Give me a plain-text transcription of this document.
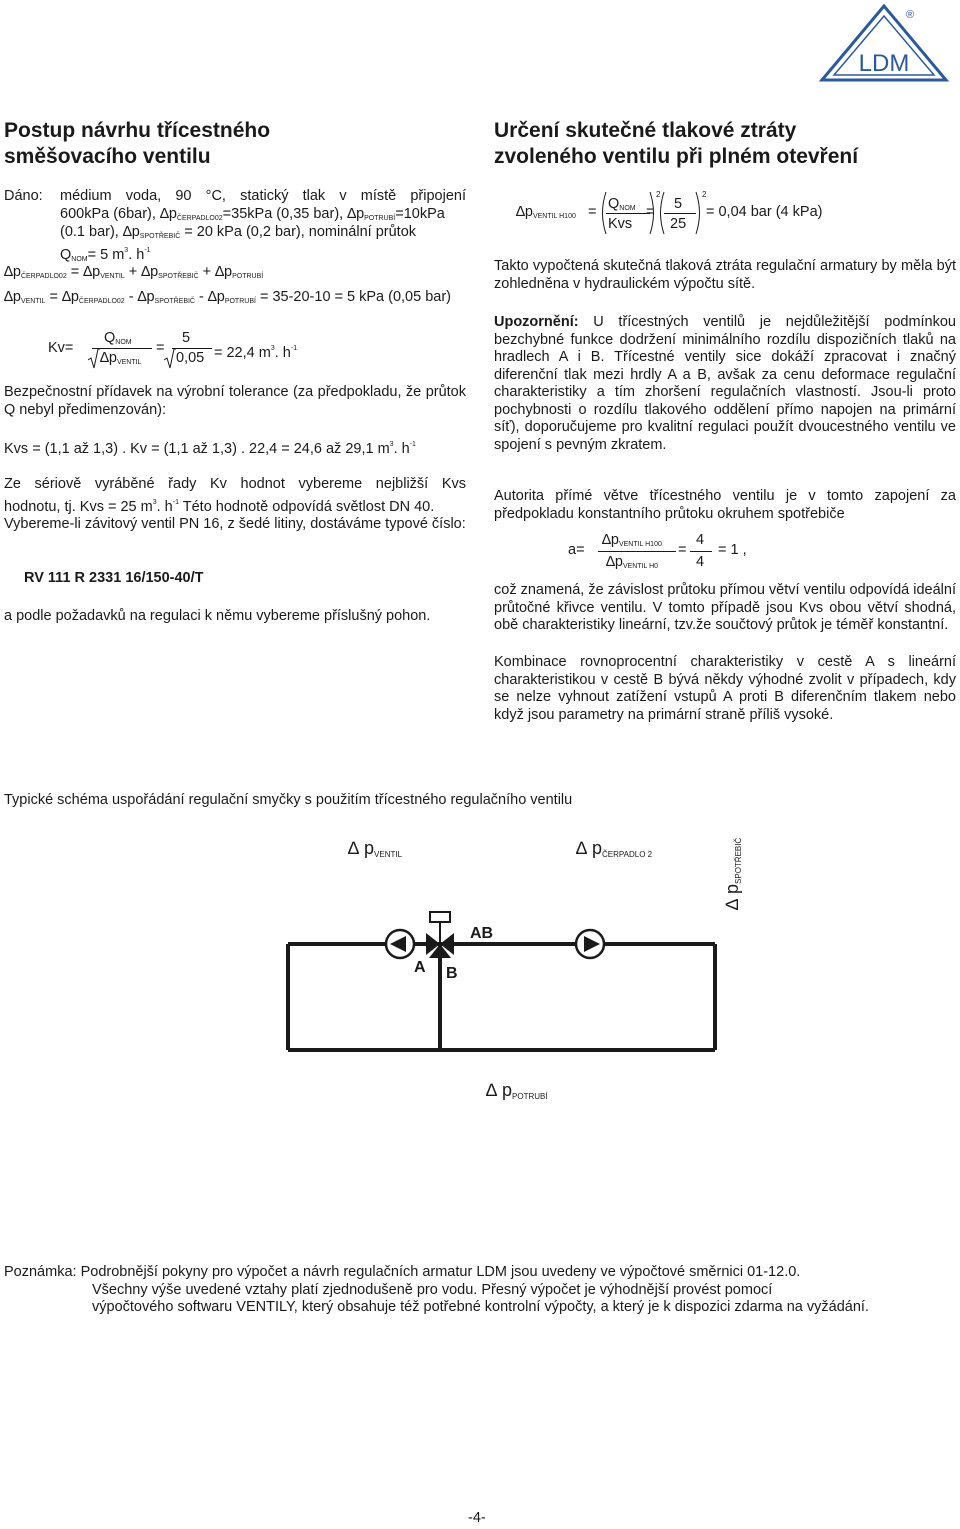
LDM
®
Postup návrhu třícestného
směšovacího ventilu
Dáno: médium voda, 90 °C, statický tlak v místě připojení
600kPa (6bar), $\Delta p_{ČERPADLO02}=35kPa$ (0,35 bar), $\Delta p_{POTRUBÍ}=10kPa$
(0.1 bar), $\Delta p_{SPOTŘEBIČ} = 20$ kPa (0,2 bar), nominální průtok
$Q_{NOM}= 5$ $m^3$. $h^{-1}$
$\Delta p_{ČERPADLO02} = \Delta p_{VENTIL} + \Delta p_{SPOTŘEBIČ} + \Delta p_{POTRUBÍ}$
$\Delta p_{VENTIL} = \Delta p_{ČERPADLO02} - \Delta p_{SPOTŘEBIČ} - \Delta p_{POTRUBÍ} = 35-20-10 = 5$ kPa (0,05 bar)
Kv=
$Q_{NOM}$
$\Delta p_{VENTIL}$
=
5
0,05 = 22,4 $m^3$. $h^{-1}$
Bezpečnostní přídavek na výrobní tolerance (za předpokladu, že průtok Q nebyl předimenzován):
Kvs = (1,1 až 1,3) . Kv = (1,1 až 1,3) . 22,4 = 24,6 až 29,1 $m^3$. $h^{-1}$
Ze sériově vyráběné řady Kv hodnot vybereme nejbližší Kvs
hodnotu, tj. Kvs = 25 $m^3$. $h^{-1}$ Této hodnotě odpovídá světlost DN 40.
Vybereme-li závitový ventil PN 16, z šedé litiny, dostáváme typové číslo:
RV 111 R 2331 16/150-40/T
a podle požadavků na regulaci k němu vybereme příslušný pohon.
Určení skutečné tlakové ztráty
zvoleného ventilu při plném otevření
$\Delta p_{VENTIL H100} = Q_{NOM}$
Kvs
2
= 5
25
2
= 0,04 bar (4 kPa)
Takto vypočtená skutečná tlaková ztráta regulační armatury by měla být zohledněna v hydraulickém výpočtu sítě.
Upozornění: U třícestných ventilů je nejdůležitější podmínkou bezchybné funkce dodržení minimálního rozdílu dispozičních tlaků na hradlech A i B. Třícestné ventily sice dokáží zpracovat i značný diferenční tlak mezi hrdly A a B, avšak za cenu deformace regulační charakteristiky a tím zhoršení regulačních vlastností. Jsou-li proto pochybnosti o rozdílu tlakového oddělení přímo napojen na primární síť), doporučujeme pro kvalitní regulaci použít dvoucestného ventilu ve spojení s pevným zkratem.
Autorita přímé větve třícestného ventilu je v tomto zapojení za předpokladu konstantního průtoku okruhem spotřebiče
a=
$\Delta p_{VENTIL H100}$
$\Delta p_{VENTIL H0}$
=
4
4
= 1 ,
což znamená, že závislost průtoku přímou větví ventilu odpovídá ideální průtočné křivce ventilu. V tomto případě jsou Kvs obou větví shodná, obě charakteristiky lineární, tzv.že součtový průtok je téměř konstantní.
Kombinace rovnoprocentní charakteristiky v cestě A s lineární charakteristikou v cestě B bývá někdy výhodné zvolit v případech, kdy se nelze vyhnout zatížení vstupů A proti B diferenčním tlakem nebo když jsou parametry na primární straně příliš vysoké.
Typické schéma uspořádání regulační smyčky s použitím třícestného regulačního ventilu
AB
A B
∆ pVENTIL	∆ pČERPADLO 2
∆ pSPOTŘEBIČ
∆ pPOTRUBÍ
Poznámka: Podrobnější pokyny pro výpočet a návrh regulačních armatur LDM jsou uvedeny ve výpočtové směrnici 01-12.0.
Všechny výše uvedené vztahy platí zjednodušeně pro vodu. Přesný výpočet je výhodnější provést pomocí
výpočtového softwaru VENTILY, který obsahuje též potřebné kontrolní výpočty, a který je k dispozici zdarma na vyžádání.
-4-
